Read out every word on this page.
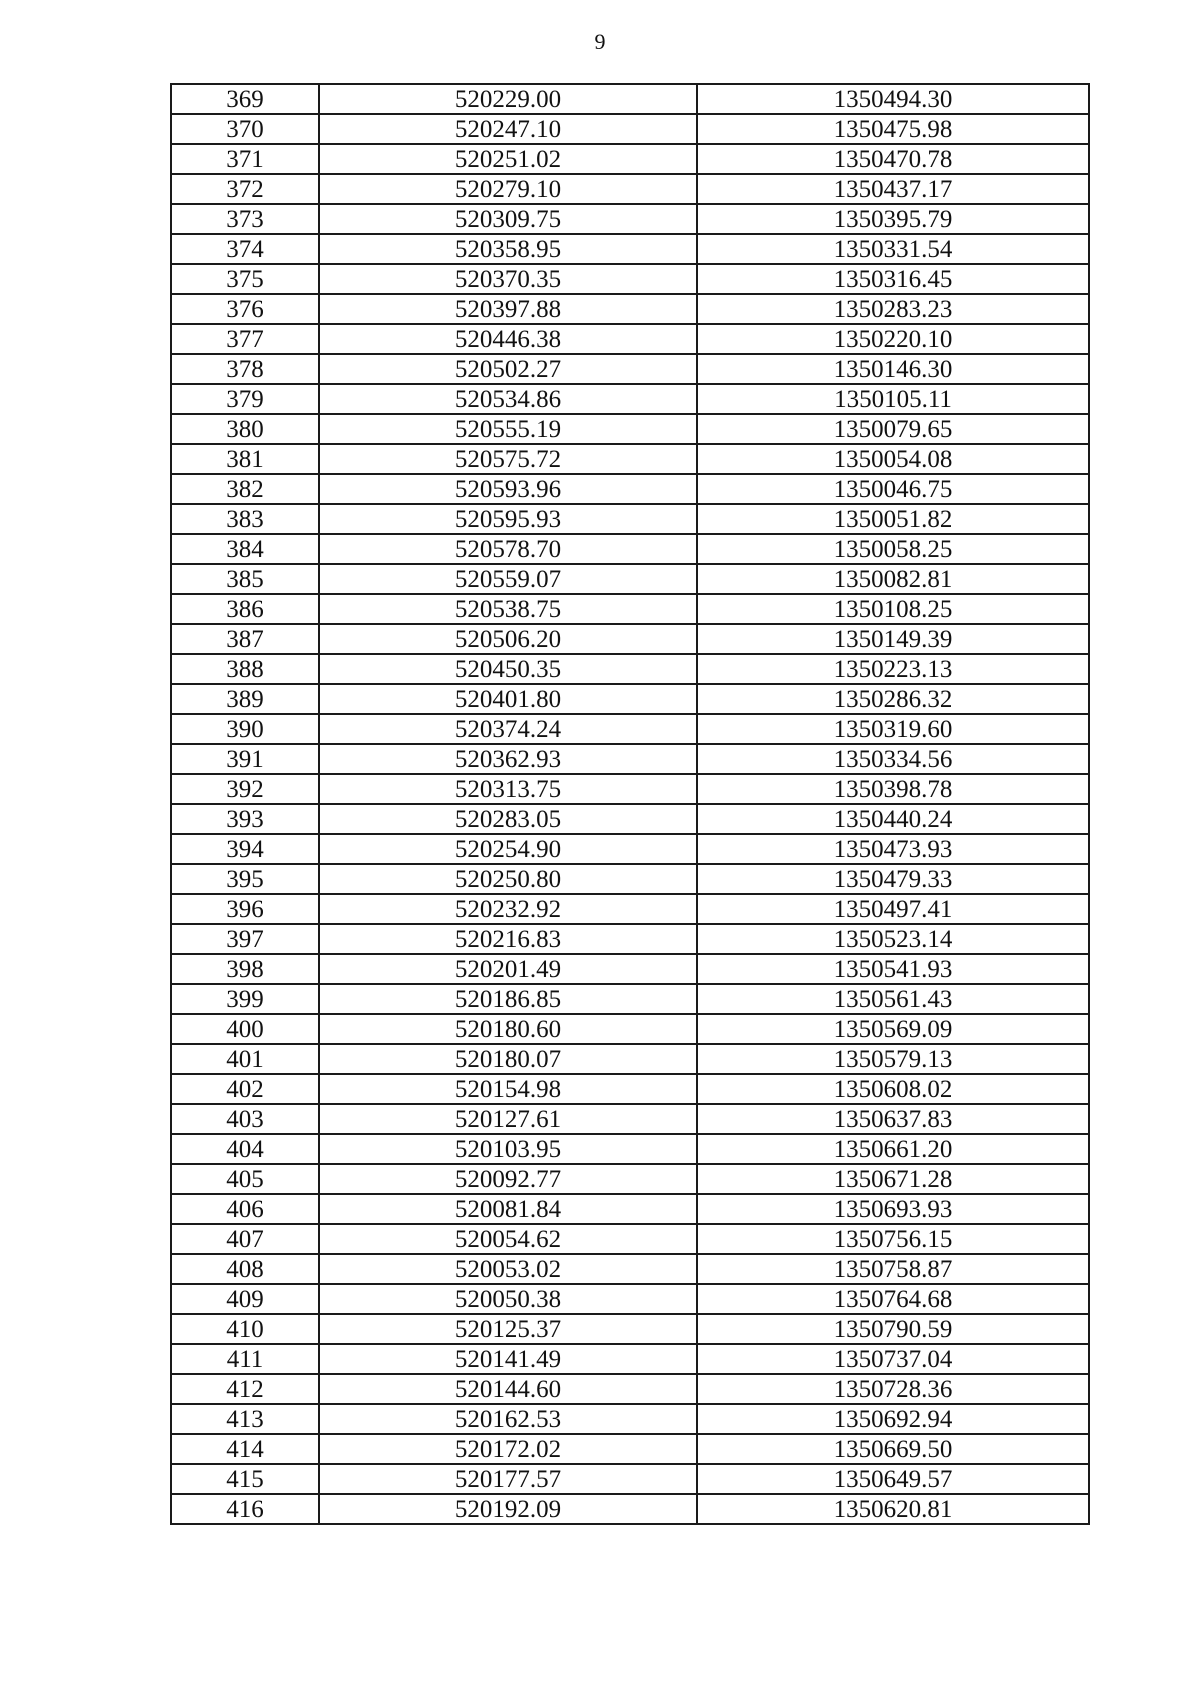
9
369	520229.00	1350494.30
370	520247.10	1350475.98
371	520251.02	1350470.78
372	520279.10	1350437.17
373	520309.75	1350395.79
374	520358.95	1350331.54
375	520370.35	1350316.45
376	520397.88	1350283.23
377	520446.38	1350220.10
378	520502.27	1350146.30
379	520534.86	1350105.11
380	520555.19	1350079.65
381	520575.72	1350054.08
382	520593.96	1350046.75
383	520595.93	1350051.82
384	520578.70	1350058.25
385	520559.07	1350082.81
386	520538.75	1350108.25
387	520506.20	1350149.39
388	520450.35	1350223.13
389	520401.80	1350286.32
390	520374.24	1350319.60
391	520362.93	1350334.56
392	520313.75	1350398.78
393	520283.05	1350440.24
394	520254.90	1350473.93
395	520250.80	1350479.33
396	520232.92	1350497.41
397	520216.83	1350523.14
398	520201.49	1350541.93
399	520186.85	1350561.43
400	520180.60	1350569.09
401	520180.07	1350579.13
402	520154.98	1350608.02
403	520127.61	1350637.83
404	520103.95	1350661.20
405	520092.77	1350671.28
406	520081.84	1350693.93
407	520054.62	1350756.15
408	520053.02	1350758.87
409	520050.38	1350764.68
410	520125.37	1350790.59
411	520141.49	1350737.04
412	520144.60	1350728.36
413	520162.53	1350692.94
414	520172.02	1350669.50
415	520177.57	1350649.57
416	520192.09	1350620.81
